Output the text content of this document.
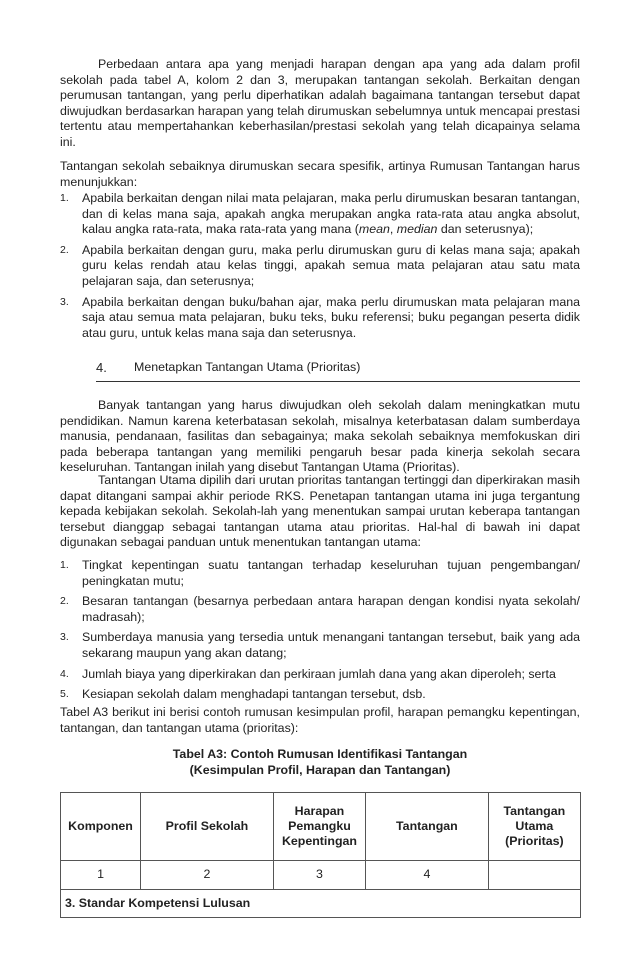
Perbedaan antara apa yang menjadi harapan dengan apa yang ada dalam profil sekolah pada tabel A, kolom 2 dan 3, merupakan tantangan sekolah. Berkaitan dengan perumusan tantangan, yang perlu diperhatikan adalah bagaimana tantangan tersebut dapat diwujudkan berdasarkan harapan yang telah dirumuskan sebelumnya untuk mencapai prestasi tertentu atau mempertahankan keberhasilan/prestasi sekolah yang telah dicapainya selama ini.
Tantangan sekolah sebaiknya dirumuskan secara spesifik, artinya Rumusan Tantangan harus menunjukkan:
1. Apabila berkaitan dengan nilai mata pelajaran, maka perlu dirumuskan besaran tantangan, dan di kelas mana saja, apakah angka merupakan angka rata-rata atau angka absolut, kalau angka rata-rata, maka rata-rata yang mana (mean, median dan seterusnya);
2. Apabila berkaitan dengan guru, maka perlu dirumuskan guru di kelas mana saja; apakah guru kelas rendah atau kelas tinggi, apakah semua mata pelajaran atau satu mata pelajaran saja, dan seterusnya;
3. Apabila berkaitan dengan buku/bahan ajar, maka perlu dirumuskan mata pelajaran mana saja atau semua mata pelajaran, buku teks, buku referensi; buku pegangan peserta didik atau guru, untuk kelas mana saja dan seterusnya.
4. Menetapkan Tantangan Utama (Prioritas)
Banyak tantangan yang harus diwujudkan oleh sekolah dalam meningkatkan mutu pendidikan. Namun karena keterbatasan sekolah, misalnya keterbatasan dalam sumberdaya manusia, pendanaan, fasilitas dan sebagainya; maka sekolah sebaiknya memfokuskan diri pada beberapa tantangan yang memiliki pengaruh besar pada kinerja sekolah secara keseluruhan. Tantangan inilah yang disebut Tantangan Utama (Prioritas).
Tantangan Utama dipilih dari urutan prioritas tantangan tertinggi dan diperkirakan masih dapat ditangani sampai akhir periode RKS. Penetapan tantangan utama ini juga tergantung kepada kebijakan sekolah. Sekolah-lah yang menentukan sampai urutan keberapa tantangan tersebut dianggap sebagai tantangan utama atau prioritas. Hal-hal di bawah ini dapat digunakan sebagai panduan untuk menentukan tantangan utama:
1. Tingkat kepentingan suatu tantangan terhadap keseluruhan tujuan pengembangan/ peningkatan mutu;
2. Besaran tantangan (besarnya perbedaan antara harapan dengan kondisi nyata sekolah/ madrasah);
3. Sumberdaya manusia yang tersedia untuk menangani tantangan tersebut, baik yang ada sekarang maupun yang akan datang;
4. Jumlah biaya yang diperkirakan dan perkiraan jumlah dana yang akan diperoleh; serta
5. Kesiapan sekolah dalam menghadapi tantangan tersebut, dsb.
Tabel A3 berikut ini berisi contoh rumusan kesimpulan profil, harapan pemangku kepentingan, tantangan, dan tantangan utama (prioritas):
Tabel A3: Contoh Rumusan Identifikasi Tantangan
(Kesimpulan Profil, Harapan dan Tantangan)
Komponen	Profil Sekolah	Harapan Pemangku Kepentingan	Tantangan	Tantangan Utama (Prioritas)
1	2	3	4	
3. Standar Kompetensi Lulusan				
